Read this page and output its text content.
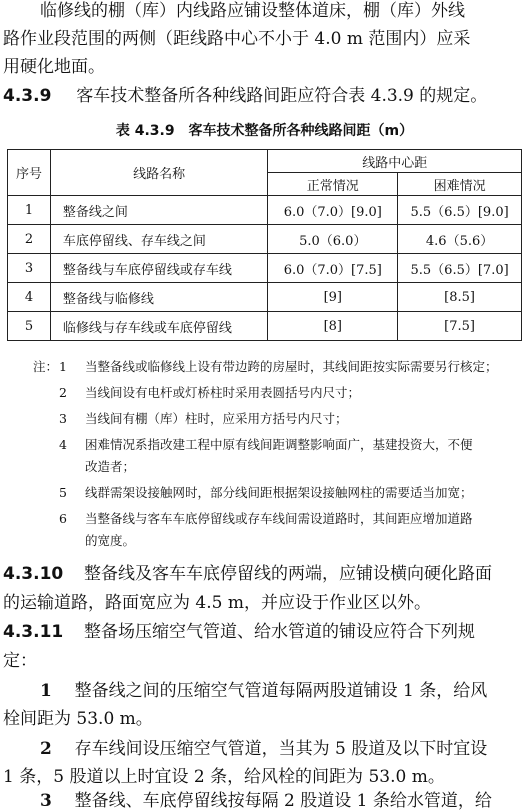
临修线的棚（库）内线路应铺设整体道床，棚（库）外线
路作业段范围的两侧（距线路中心不小于 4.0 m 范围内）应采
用硬化地面。
4.3.9 客车技术整备所各种线路间距应符合表 4.3.9 的规定。
表 4.3.9　客车技术整备所各种线路间距（m）
序号	线路名称	线路中心距	
		正常情况	困难情况
1	整备线之间	6.0（7.0）[9.0]	5.5（6.5）[9.0]
2	车底停留线、存车线之间	5.0（6.0）	4.6（5.6）
3	整备线与车底停留线或存车线	6.0（7.0）[7.5]	5.5（6.5）[7.0]
4	整备线与临修线	[9]	[8.5]
5	临修线与存车线或车底停留线	[8]	[7.5]
注： 1 当整备线或临修线上设有带边跨的房屋时，其线间距按实际需要另行核定；
2 当线间设有电杆或灯桥柱时采用表圆括号内尺寸；
3 当线间有棚（库）柱时，应采用方括号内尺寸；
4 困难情况系指改建工程中原有线间距调整影响面广，基建投资大，不便
改造者；
5 线群需架设接触网时，部分线间距根据架设接触网柱的需要适当加宽；
6 当整备线与客车车底停留线或存车线间需设道路时，其间距应增加道路
的宽度。
4.3.10 整备线及客车车底停留线的两端，应铺设横向硬化路面
的运输道路，路面宽应为 4.5 m，并应设于作业区以外。
4.3.11 整备场压缩空气管道、给水管道的铺设应符合下列规
定：
1 整备线之间的压缩空气管道每隔两股道铺设 1 条，给风
栓间距为 53.0 m。
2 存车线间设压缩空气管道，当其为 5 股道及以下时宜设
1 条，5 股道以上时宜设 2 条，给风栓的间距为 53.0 m。
3 整备线、车底停留线按每隔 2 股道设 1 条给水管道，给
